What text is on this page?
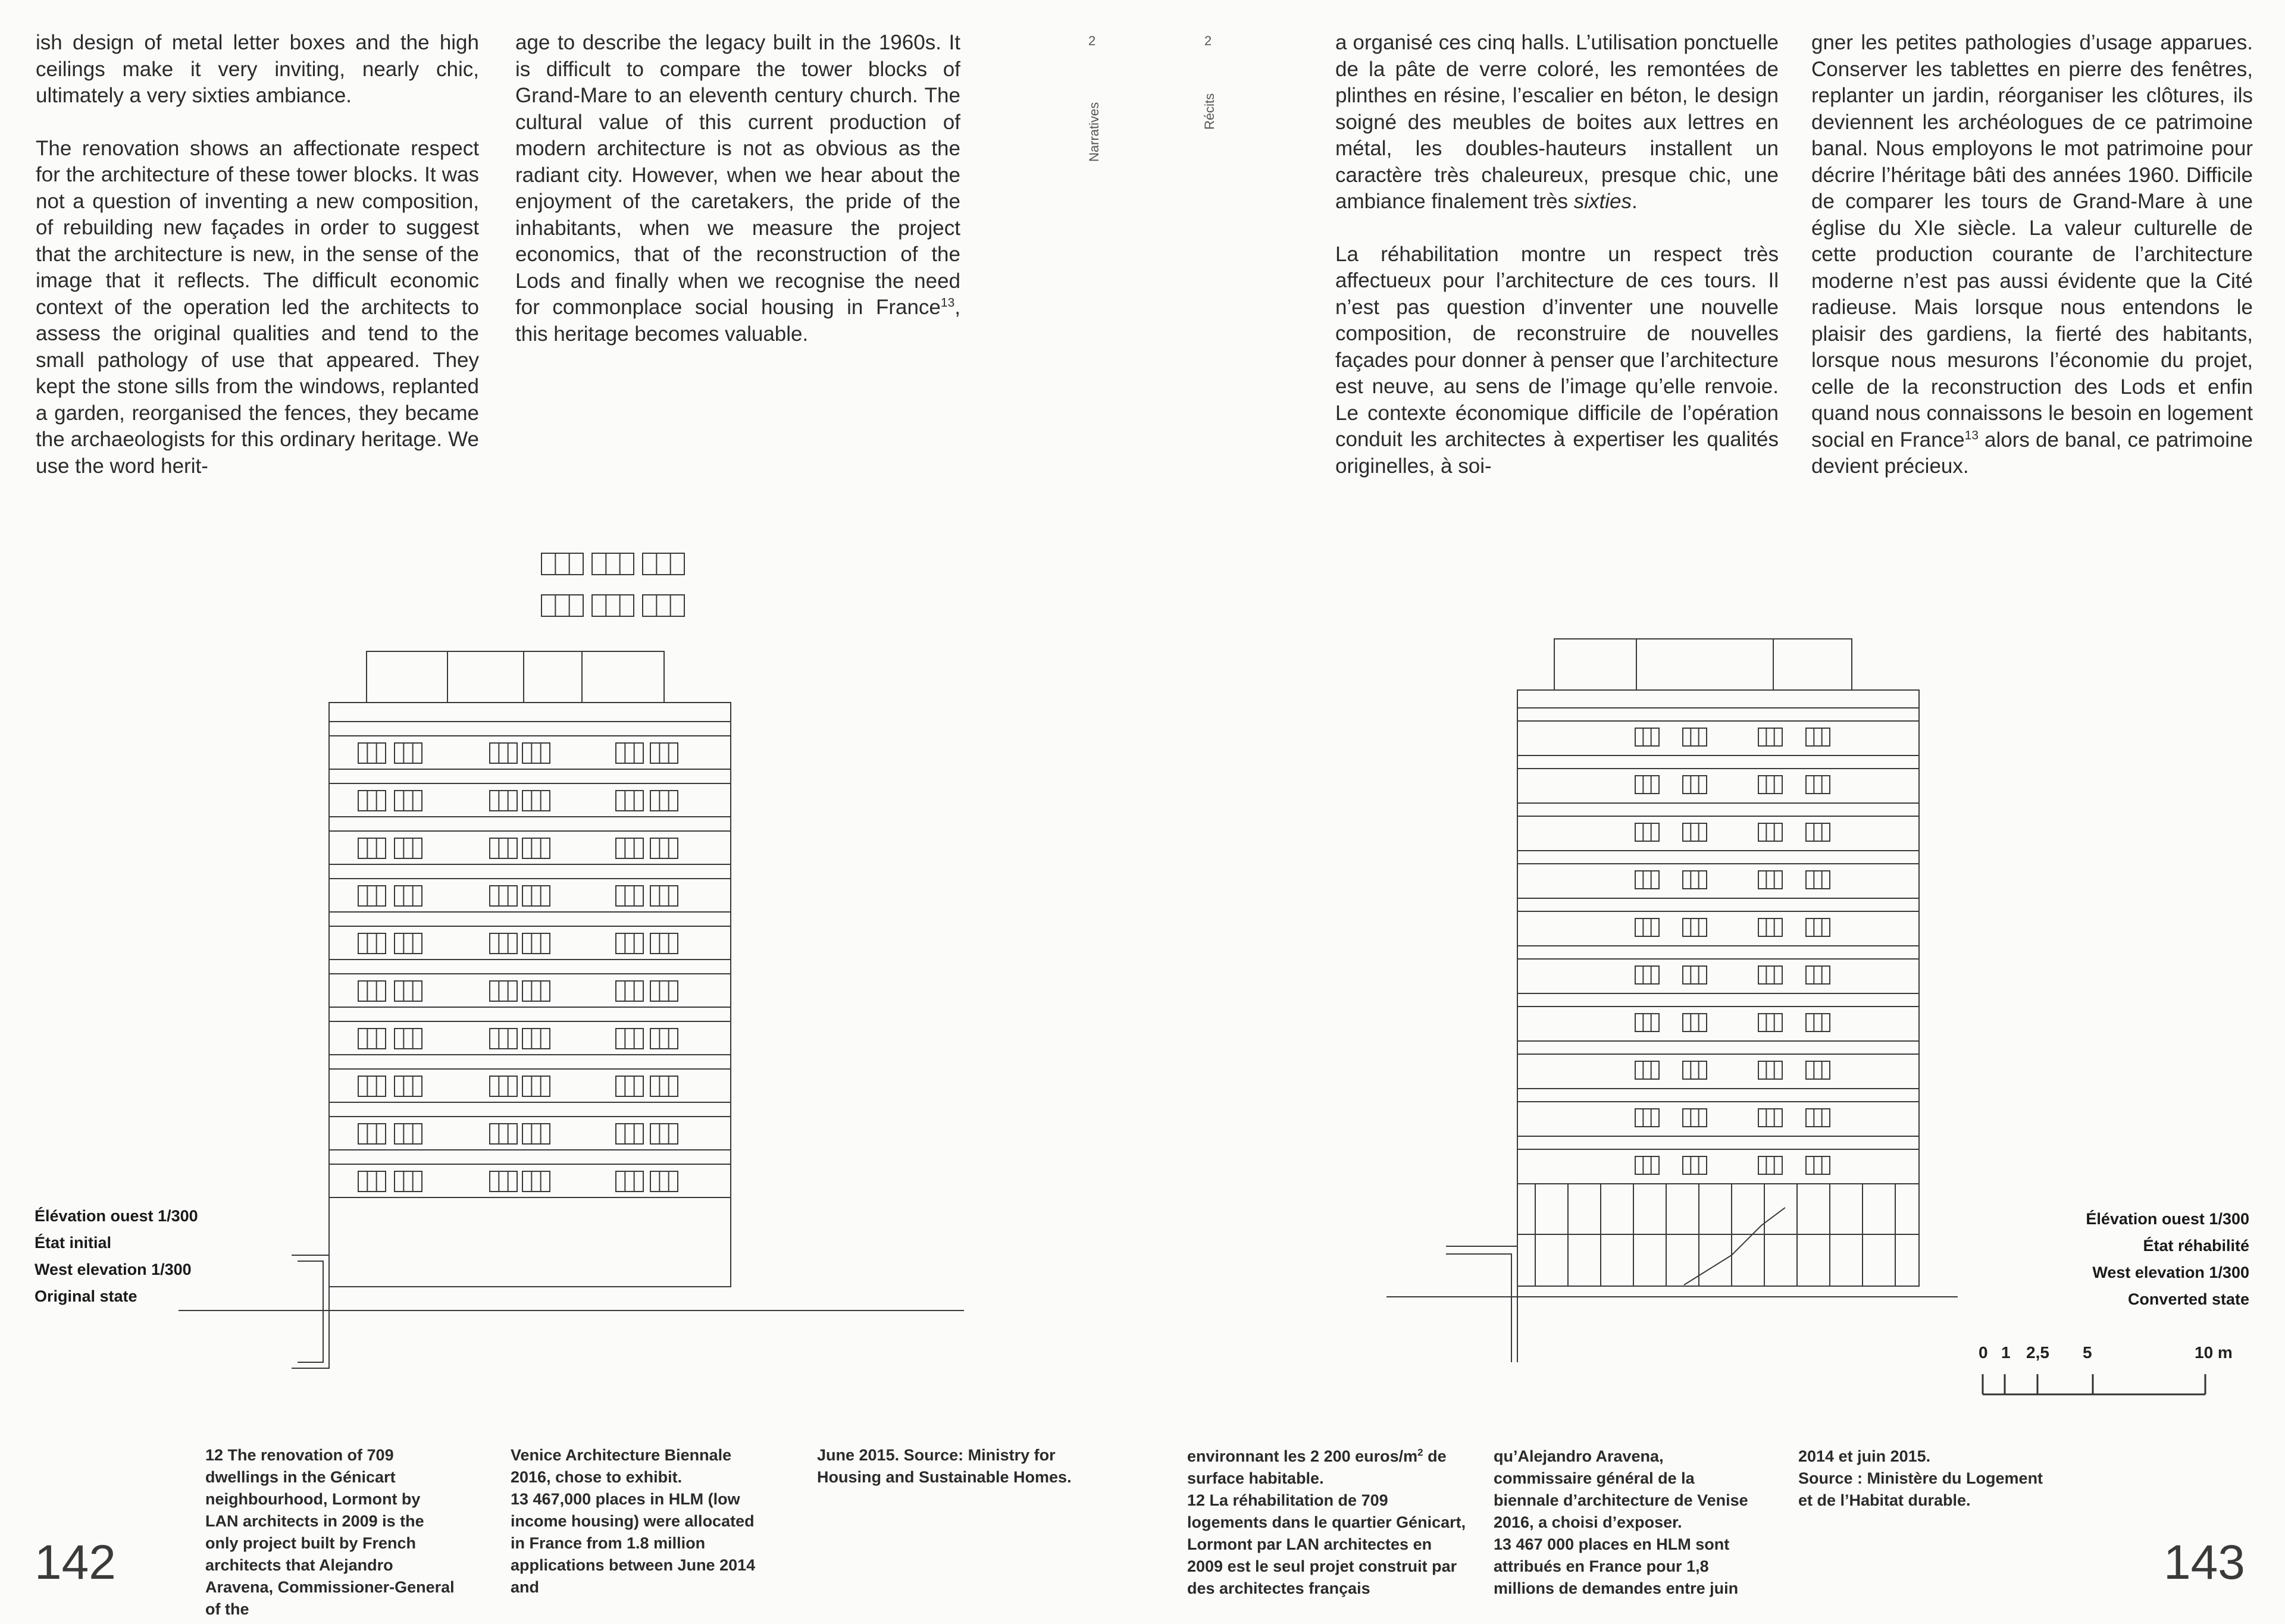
ish design of metal letter boxes and the high ceilings make it very inviting, nearly chic, ultimately a very sixties ambiance.

The renovation shows an affectionate respect for the architecture of these tower blocks. It was not a question of inventing a new composition, of rebuilding new façades in order to suggest that the architecture is new, in the sense of the image that it reflects. The difficult economic context of the operation led the architects to assess the original qualities and tend to the small pathology of use that appeared. They kept the stone sills from the windows, replanted a garden, reorganised the fences, they became the archaeologists for this ordinary heritage. We use the word herit-

age to describe the legacy built in the 1960s. It is difficult to compare the tower blocks of Grand-Mare to an eleventh century church. The cultural value of this current production of modern architecture is not as obvious as the radiant city. However, when we hear about the enjoyment of the caretakers, the pride of the inhabitants, when we measure the project economics, that of the reconstruction of the Lods and finally when we recognise the need for commonplace social housing in France$^{13}$, this heritage becomes valuable.

2
Narratives
Élévation ouest 1/300
État initial
West elevation 1/300
Original state
12 The renovation of 709 dwellings in the Génicart neighbourhood, Lormont by LAN architects in 2009 is the only project built by French architects that Alejandro Aravena, Commissioner-General of the
Venice Architecture Biennale 2016, chose to exhibit.
13 467,000 places in HLM (low income housing) were allocated in France from 1.8 million applications between June 2014 and
June 2015. Source: Ministry for Housing and Sustainable Homes.
142
2
Récits

a organisé ces cinq halls. L’utilisation ponctuelle de la pâte de verre coloré, les remontées de plinthes en résine, l’escalier en béton, le design soigné des meubles de boites aux lettres en métal, les doubles-hauteurs installent un caractère très chaleureux, presque chic, une ambiance finalement très sixties.

La réhabilitation montre un respect très affectueux pour l’architecture de ces tours. Il n’est pas question d’inventer une nouvelle composition, de reconstruire de nouvelles façades pour donner à penser que l’architecture est neuve, au sens de l’image qu’elle renvoie. Le contexte économique difficile de l’opération conduit les architectes à expertiser les qualités originelles, à soi-

gner les petites pathologies d’usage apparues. Conserver les tablettes en pierre des fenêtres, replanter un jardin, réorganiser les clôtures, ils deviennent les archéologues de ce patrimoine banal. Nous employons le mot patrimoine pour décrire l’héritage bâti des années 1960. Difficile de comparer les tours de Grand-Mare à une église du XIe siècle. La valeur culturelle de cette production courante de l’architecture moderne n’est pas aussi évidente que la Cité radieuse. Mais lorsque nous entendons le plaisir des gardiens, la fierté des habitants, lorsque nous mesurons l’économie du projet, celle de la reconstruction des Lods et enfin quand nous connaissons le besoin en logement social en France$^{13}$ alors de banal, ce patrimoine devient précieux.

Élévation ouest 1/300
État réhabilité
West elevation 1/300
Converted state
0 1 2,5 5	10 m
environnant les 2 200 euros/$m^2$ de surface habitable.
12 La réhabilitation de 709 logements dans le quartier Génicart, Lormont par LAN architectes en 2009 est le seul projet construit par des architectes français
qu’Alejandro Aravena, commissaire général de la biennale d’architecture de Venise 2016, a choisi d’exposer.
13 467 000 places en HLM sont attribués en France pour 1,8 millions de demandes entre juin
2014 et juin 2015.
Source : Ministère du Logement et de l’Habitat durable.
143
